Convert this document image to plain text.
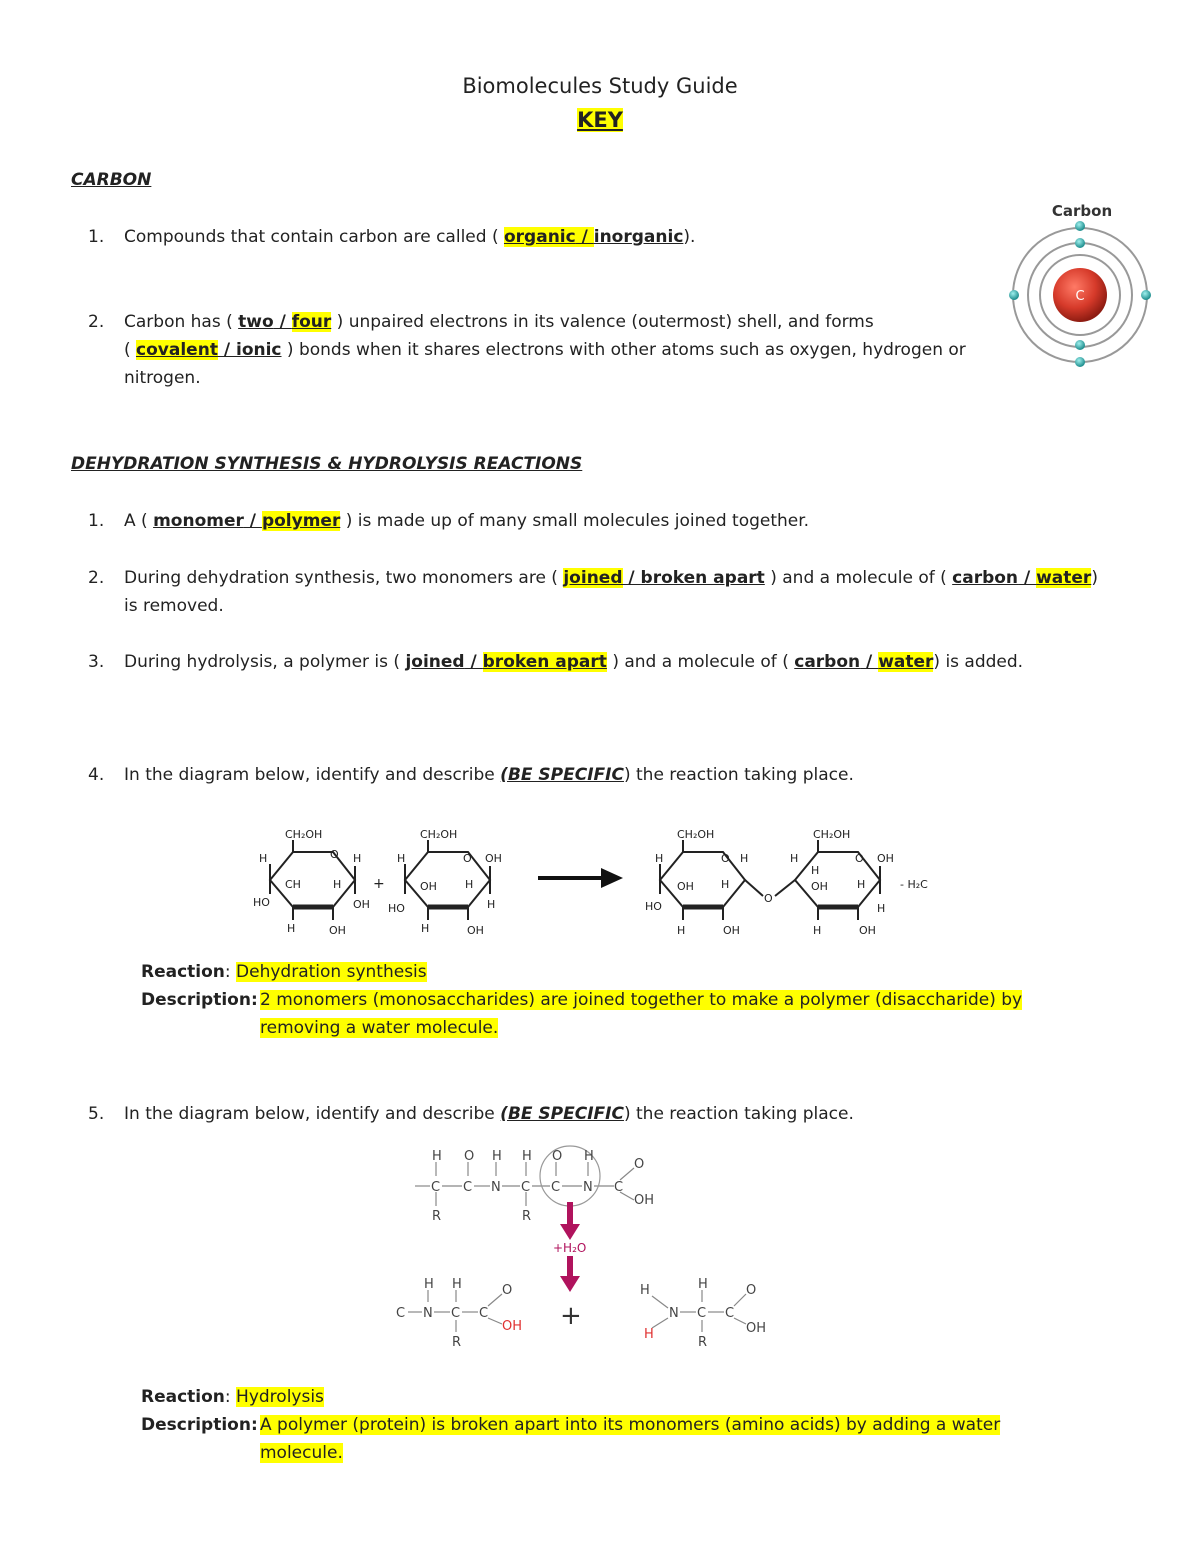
Biomolecules Study Guide
KEY
CARBON
1. Compounds that contain carbon are called ( organic / inorganic).
2. Carbon has ( two / four ) unpaired electrons in its valence (outermost) shell, and forms
( covalent / ionic ) bonds when it shares electrons with other atoms such as oxygen, hydrogen or
nitrogen.
Carbon
C
DEHYDRATION SYNTHESIS & HYDROLYSIS REACTIONS
1. A ( monomer / polymer ) is made up of many small molecules joined together.
2. During dehydration synthesis, two monomers are ( joined / broken apart ) and a molecule of ( carbon / water)
is removed.
3. During hydrolysis, a polymer is ( joined / broken apart ) and a molecule of ( carbon / water) is added.
4. In the diagram below, identify and describe (BE SPECIFIC) the reaction taking place.
CH₂OH
H	O H
CH	H
HO	OH
H	OH
+
CH₂OH
H	O OH
OH	H
HO	H
H	OH
CH₂OH
H	O H
OH H
HO
H	OH
O
CH₂OH
H	O OH
H
OH	H
H
H	OH
- H₂C
Reaction: Dehydration synthesis
Description: 2 monomers (monosaccharides) are joined together to make a polymer (disaccharide) by
removing a water molecule.
5. In the diagram below, identify and describe (BE SPECIFIC) the reaction taking place.
H O H H O H
C C N C C N C
O
OH
R	R
+H₂O
C N C C
H H	O
OH
R
+
H
N C C
H
H
O
OH
R
Reaction: Hydrolysis
Description: A polymer (protein) is broken apart into its monomers (amino acids) by adding a water
molecule.
